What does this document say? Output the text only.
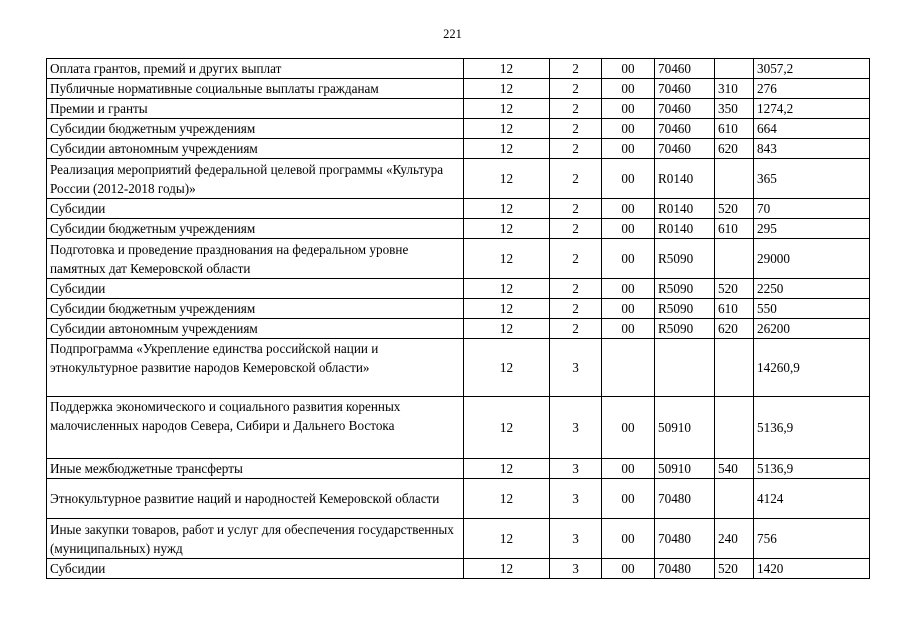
221
Оплата грантов, премий и других выплат	12	2	00	70460		3057,2
Публичные нормативные социальные выплаты гражданам	12	2	00	70460	310	276
Премии и гранты	12	2	00	70460	350	1274,2
Субсидии бюджетным учреждениям	12	2	00	70460	610	664
Субсидии автономным учреждениям	12	2	00	70460	620	843
Реализация мероприятий федеральной целевой программы «Культура России (2012-2018 годы)»	12	2	00	R0140		365
Субсидии	12	2	00	R0140	520	70
Субсидии бюджетным учреждениям	12	2	00	R0140	610	295
Подготовка и проведение празднования на федеральном уровне памятных дат Кемеровской области	12	2	00	R5090		29000
Субсидии	12	2	00	R5090	520	2250
Субсидии бюджетным учреждениям	12	2	00	R5090	610	550
Субсидии автономным учреждениям	12	2	00	R5090	620	26200
Подпрограмма «Укрепление единства российской нации и этнокультурное развитие народов Кемеровской области»	12	3				14260,9
Поддержка экономического и социального развития коренных малочисленных народов Севера, Сибири и Дальнего Востока	12	3	00	50910		5136,9
Иные межбюджетные трансферты	12	3	00	50910	540	5136,9
Этнокультурное развитие наций и народностей Кемеровской области	12	3	00	70480		4124
Иные закупки товаров, работ и услуг для обеспечения государственных (муниципальных) нужд	12	3	00	70480	240	756
Субсидии	12	3	00	70480	520	1420
